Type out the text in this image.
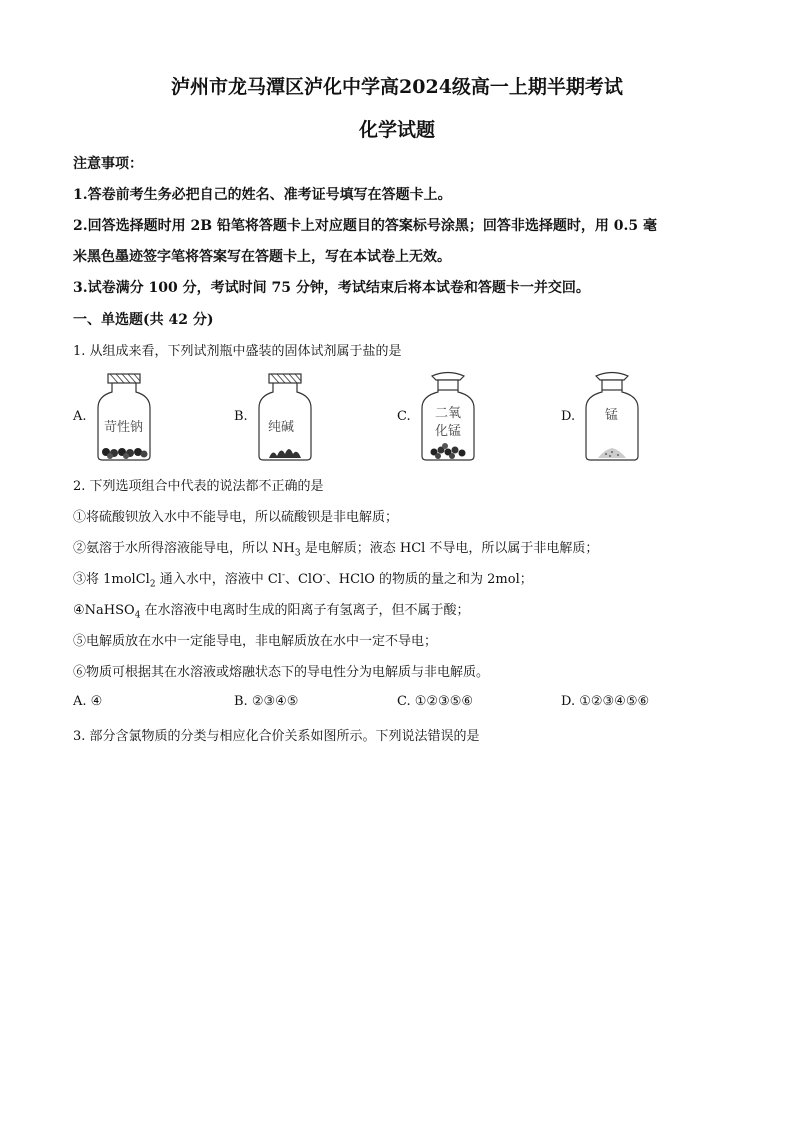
泸州市龙马潭区泸化中学高2024级高一上期半期考试
化学试题
注意事项：
1.答卷前考生务必把自己的姓名、准考证号填写在答题卡上。
2.回答选择题时用 2B 铅笔将答题卡上对应题目的答案标号涂黑；回答非选择题时，用 0.5 毫
米黑色墨迹签字笔将答案写在答题卡上，写在本试卷上无效。
3.试卷满分 100 分，考试时间 75 分钟，考试结束后将本试卷和答题卡一并交回。
一、单选题(共 42 分)
1. 从组成来看，下列试剂瓶中盛装的固体试剂属于盐的是
A.
苛性钠
B.
纯碱
C. 二氧
化锰
D. 锰
2. 下列选项组合中代表的说法都不正确的是
①将硫酸钡放入水中不能导电，所以硫酸钡是非电解质；
②氨溶于水所得溶液能导电，所以 $NH_3$ 是电解质；液态 HCl 不导电，所以属于非电解质；
③将 1molCl$_2$ 通入水中，溶液中 Cl-、ClO-、HClO 的物质的量之和为 2mol；
④NaHSO$_4$ 在水溶液中电离时生成的阳离子有氢离子，但不属于酸；
⑤电解质放在水中一定能导电，非电解质放在水中一定不导电；
⑥物质可根据其在水溶液或熔融状态下的导电性分为电解质与非电解质。
A. ④	B. ②③④⑤	C. ①②③⑤⑥	D. ①②③④⑤⑥
3. 部分含氯物质的分类与相应化合价关系如图所示。下列说法错误的是
